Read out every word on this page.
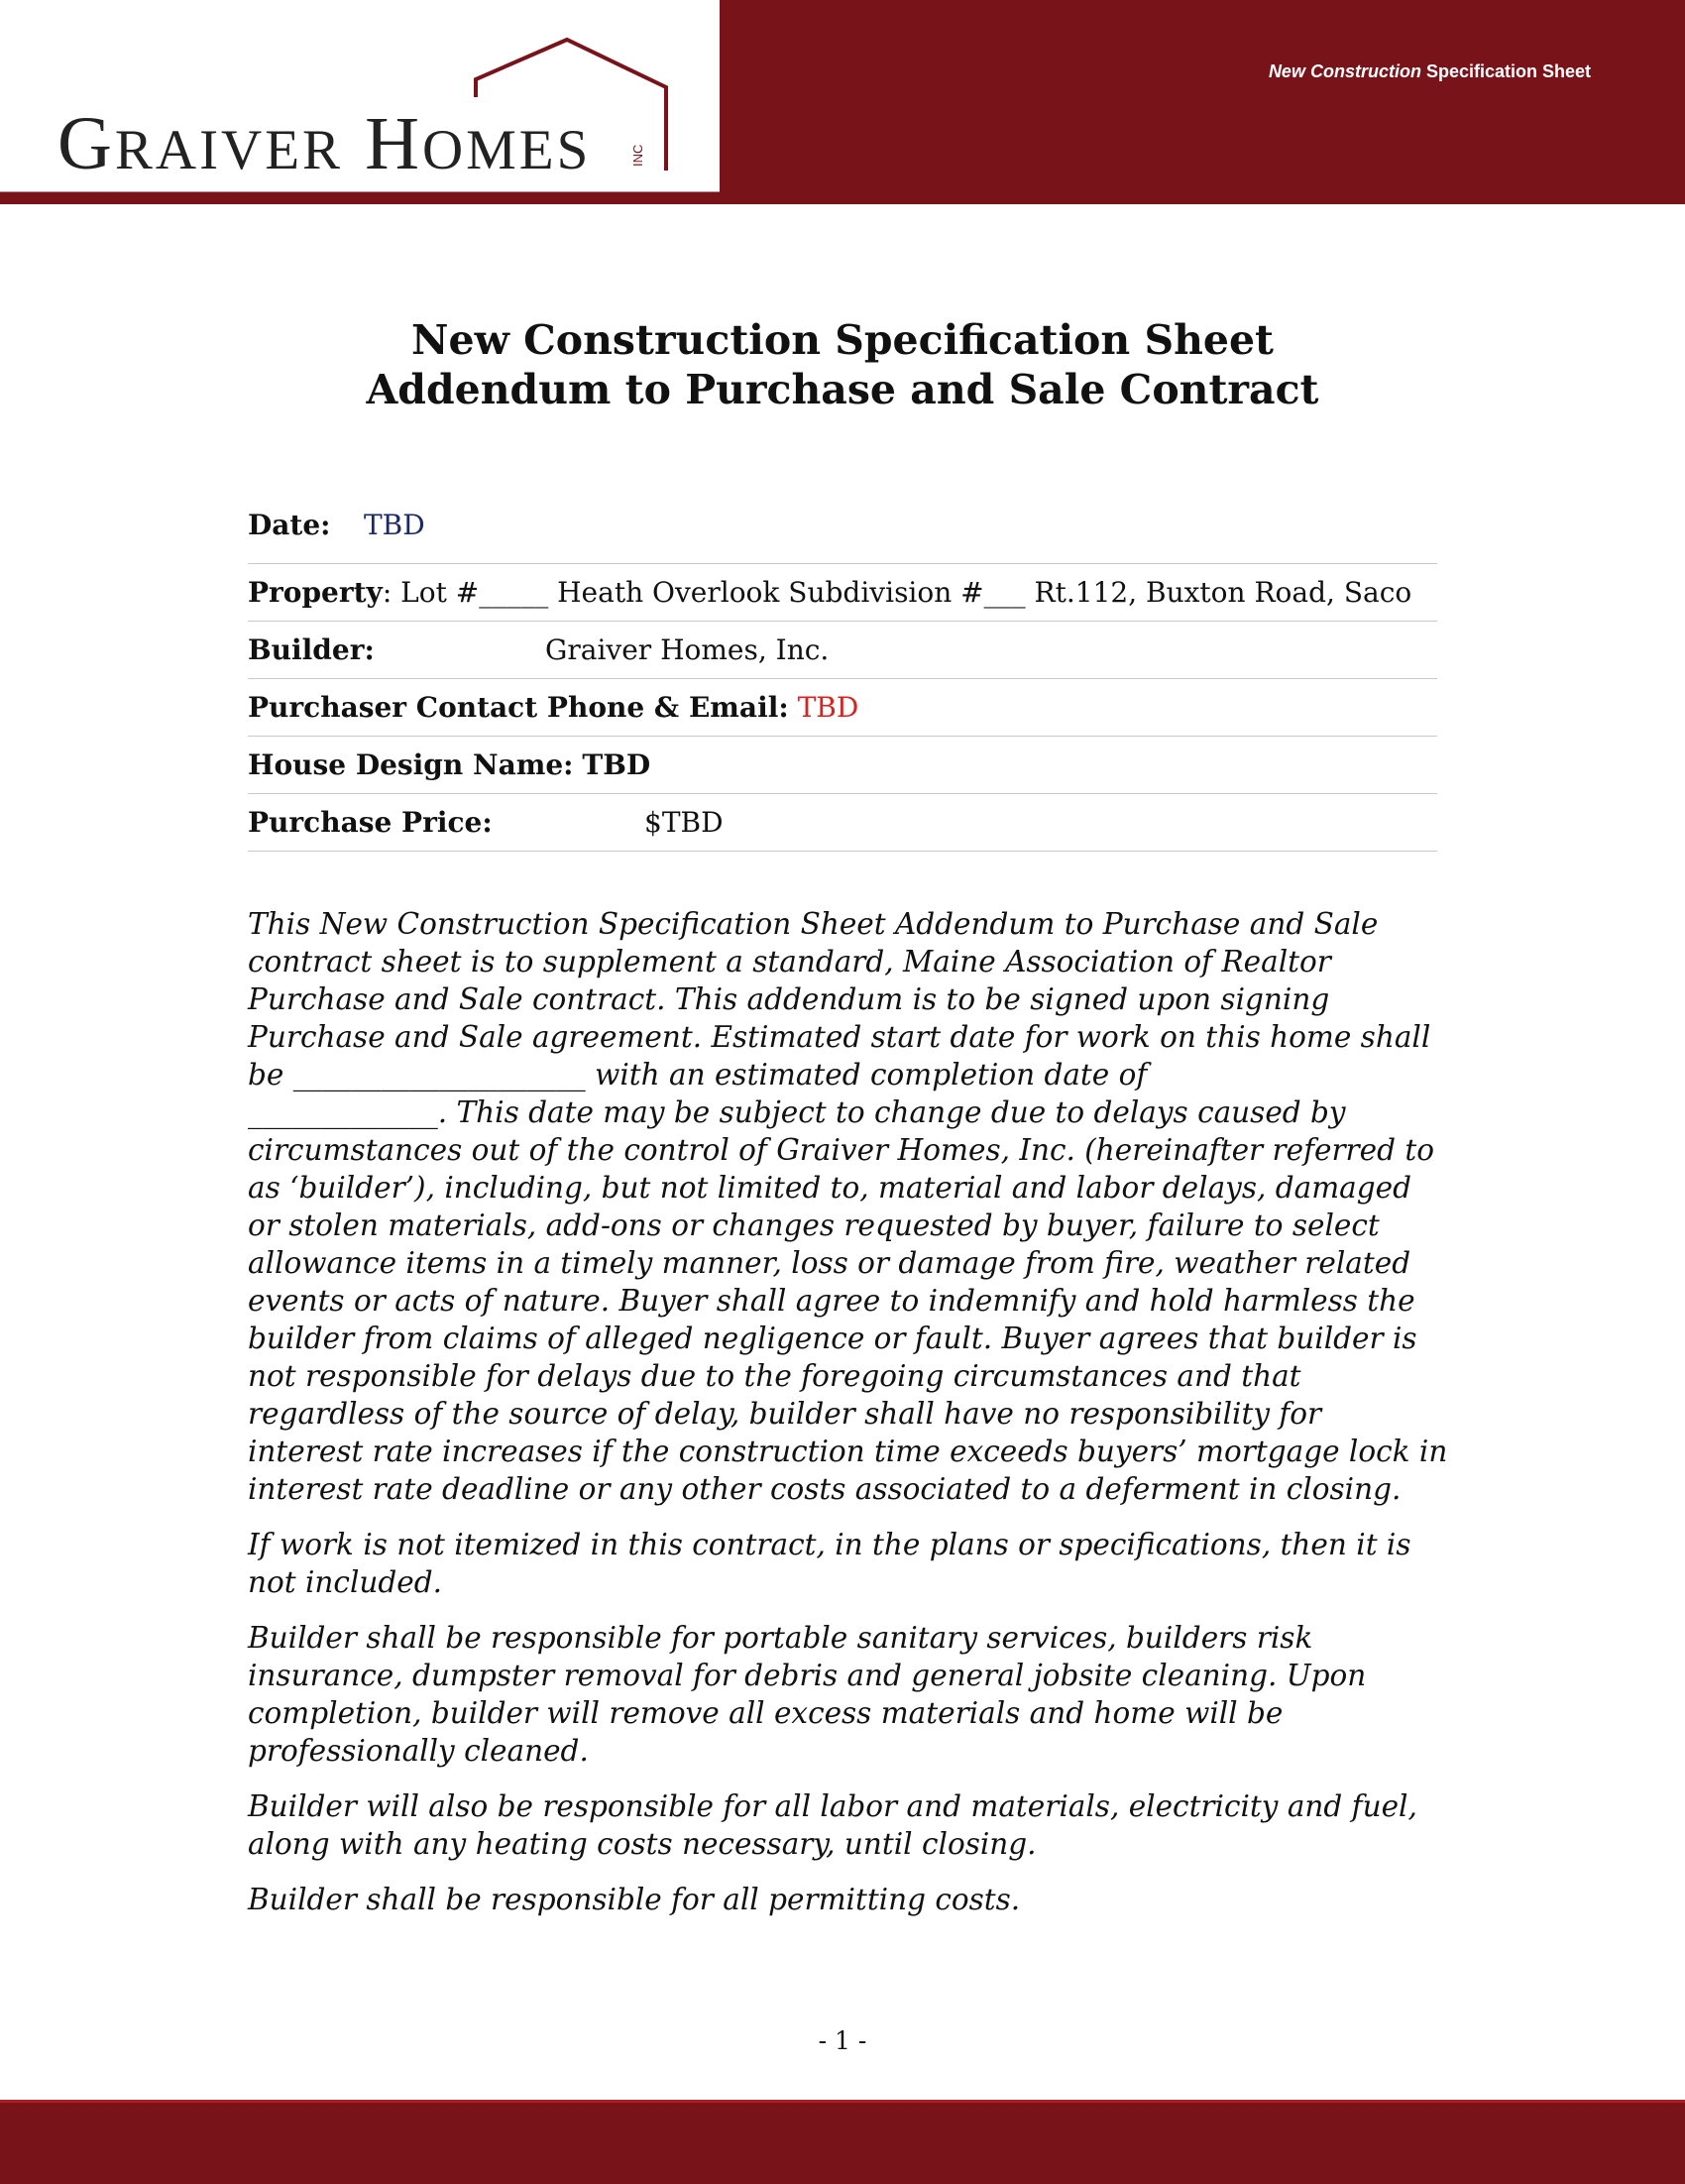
GRAIVER HOMES	INC
New Construction Specification Sheet
New Construction Specification Sheet
Addendum to Purchase and Sale Contract
Date: TBD
Property: Lot #_____ Heath Overlook Subdivision #___ Rt.112, Buxton Road, Saco
Builder:	Graiver Homes, Inc.
Purchaser Contact Phone & Email: TBD
House Design Name: TBD
Purchase Price:	$TBD

This New Construction Specification Sheet Addendum to Purchase and Sale
contract sheet is to supplement a standard, Maine Association of Realtor
Purchase and Sale contract. This addendum is to be signed upon signing
Purchase and Sale agreement. Estimated start date for work on this home shall
be ____________________ with an estimated completion date of
_____________. This date may be subject to change due to delays caused by
circumstances out of the control of Graiver Homes, Inc. (hereinafter referred to
as ‘builder’), including, but not limited to, material and labor delays, damaged
or stolen materials, add-ons or changes requested by buyer, failure to select
allowance items in a timely manner, loss or damage from fire, weather related
events or acts of nature. Buyer shall agree to indemnify and hold harmless the
builder from claims of alleged negligence or fault. Buyer agrees that builder is
not responsible for delays due to the foregoing circumstances and that
regardless of the source of delay, builder shall have no responsibility for
interest rate increases if the construction time exceeds buyers’ mortgage lock in
interest rate deadline or any other costs associated to a deferment in closing.

If work is not itemized in this contract, in the plans or specifications, then it is
not included.

Builder shall be responsible for portable sanitary services, builders risk
insurance, dumpster removal for debris and general jobsite cleaning. Upon
completion, builder will remove all excess materials and home will be
professionally cleaned.

Builder will also be responsible for all labor and materials, electricity and fuel,
along with any heating costs necessary, until closing.

Builder shall be responsible for all permitting costs.

- 1 -
